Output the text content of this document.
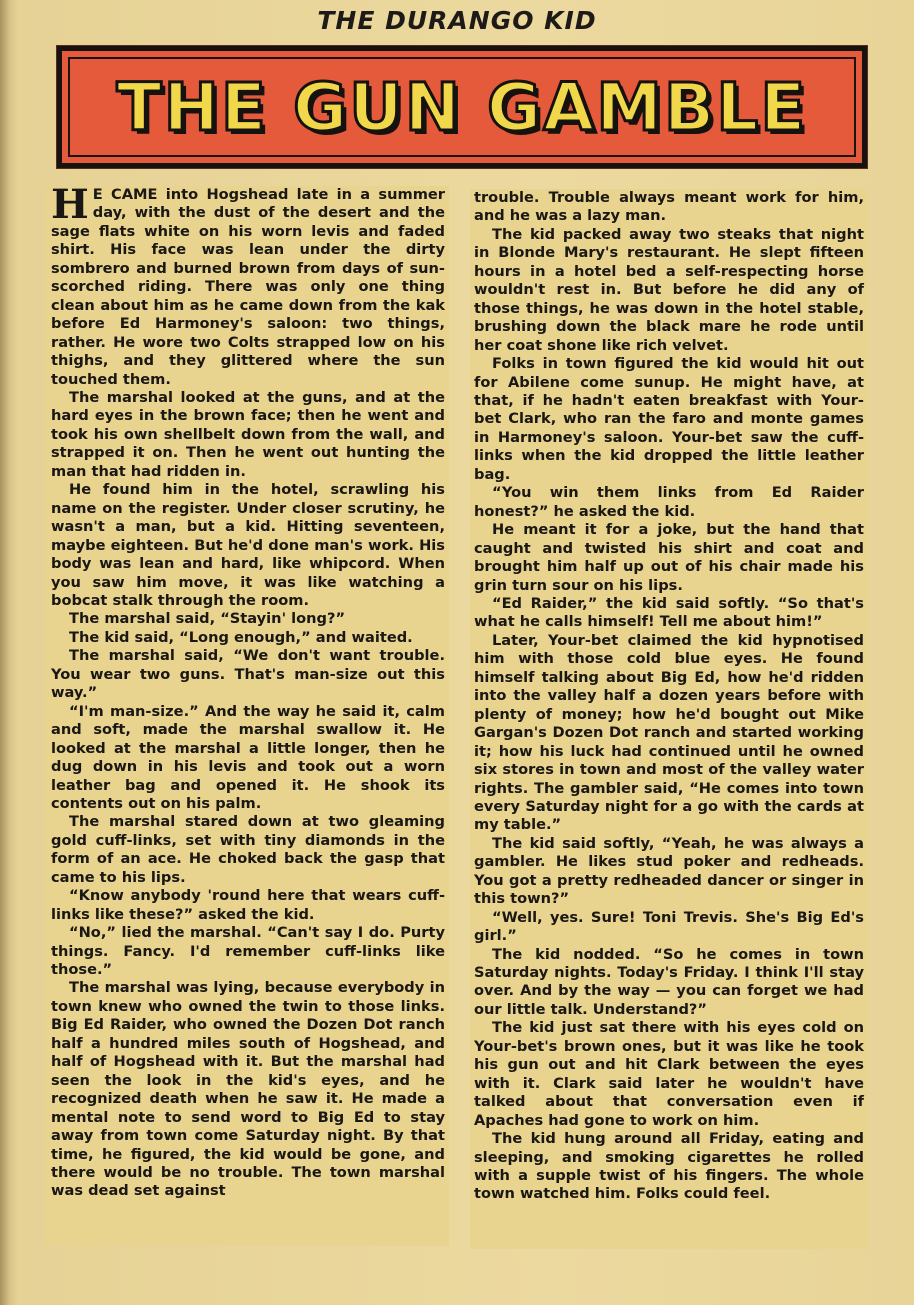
THE DURANGO KID
THE GUN GAMBLE

H E CAME into Hogshead late in a summer day, with the dust of the desert and the sage flats white on his worn levis and faded shirt. His face was lean under the dirty sombrero and burned brown from days of sun-scorched riding. There was only one thing clean about him as he came down from the kak before Ed Harmoney's saloon: two things, rather. He wore two Colts strapped low on his thighs, and they glittered where the sun touched them.

The marshal looked at the guns, and at the hard eyes in the brown face; then he went and took his own shellbelt down from the wall, and strapped it on. Then he went out hunting the man that had ridden in.

He found him in the hotel, scrawling his name on the register. Under closer scrutiny, he wasn't a man, but a kid. Hitting seventeen, maybe eighteen. But he'd done man's work. His body was lean and hard, like whipcord. When you saw him move, it was like watching a bobcat stalk through the room.

The marshal said, “Stayin' long?”

The kid said, “Long enough,” and waited.

The marshal said, “We don't want trouble. You wear two guns. That's man-size out this way.”

“I'm man-size.” And the way he said it, calm and soft, made the marshal swallow it. He looked at the marshal a little longer, then he dug down in his levis and took out a worn leather bag and opened it. He shook its contents out on his palm.

The marshal stared down at two gleaming gold cuff-links, set with tiny diamonds in the form of an ace. He choked back the gasp that came to his lips.

“Know anybody 'round here that wears cuff-links like these?” asked the kid.

“No,” lied the marshal. “Can't say I do. Purty things. Fancy. I'd remember cuff-links like those.”

The marshal was lying, because everybody in town knew who owned the twin to those links. Big Ed Raider, who owned the Dozen Dot ranch half a hundred miles south of Hogshead, and half of Hogshead with it. But the marshal had seen the look in the kid's eyes, and he recognized death when he saw it. He made a mental note to send word to Big Ed to stay away from town come Saturday night. By that time, he figured, the kid would be gone, and there would be no trouble. The town marshal was dead set against

trouble. Trouble always meant work for him, and he was a lazy man.

The kid packed away two steaks that night in Blonde Mary's restaurant. He slept fifteen hours in a hotel bed a self-respecting horse wouldn't rest in. But before he did any of those things, he was down in the hotel stable, brushing down the black mare he rode until her coat shone like rich velvet.

Folks in town figured the kid would hit out for Abilene come sunup. He might have, at that, if he hadn't eaten breakfast with Your-bet Clark, who ran the faro and monte games in Harmoney's saloon. Your-bet saw the cuff-links when the kid dropped the little leather bag.

“You win them links from Ed Raider honest?” he asked the kid.

He meant it for a joke, but the hand that caught and twisted his shirt and coat and brought him half up out of his chair made his grin turn sour on his lips.

“Ed Raider,” the kid said softly. “So that's what he calls himself! Tell me about him!”

Later, Your-bet claimed the kid hypnotised him with those cold blue eyes. He found himself talking about Big Ed, how he'd ridden into the valley half a dozen years before with plenty of money; how he'd bought out Mike Gargan's Dozen Dot ranch and started working it; how his luck had continued until he owned six stores in town and most of the valley water rights. The gambler said, “He comes into town every Saturday night for a go with the cards at my table.”

The kid said softly, “Yeah, he was always a gambler. He likes stud poker and redheads. You got a pretty redheaded dancer or singer in this town?”

“Well, yes. Sure! Toni Trevis. She's Big Ed's girl.”

The kid nodded. “So he comes in town Saturday nights. Today's Friday. I think I'll stay over. And by the way — you can forget we had our little talk. Understand?”

The kid just sat there with his eyes cold on Your-bet's brown ones, but it was like he took his gun out and hit Clark between the eyes with it. Clark said later he wouldn't have talked about that conversation even if Apaches had gone to work on him.

The kid hung around all Friday, eating and sleeping, and smoking cigarettes he rolled with a supple twist of his fingers. The whole town watched him. Folks could feel.
